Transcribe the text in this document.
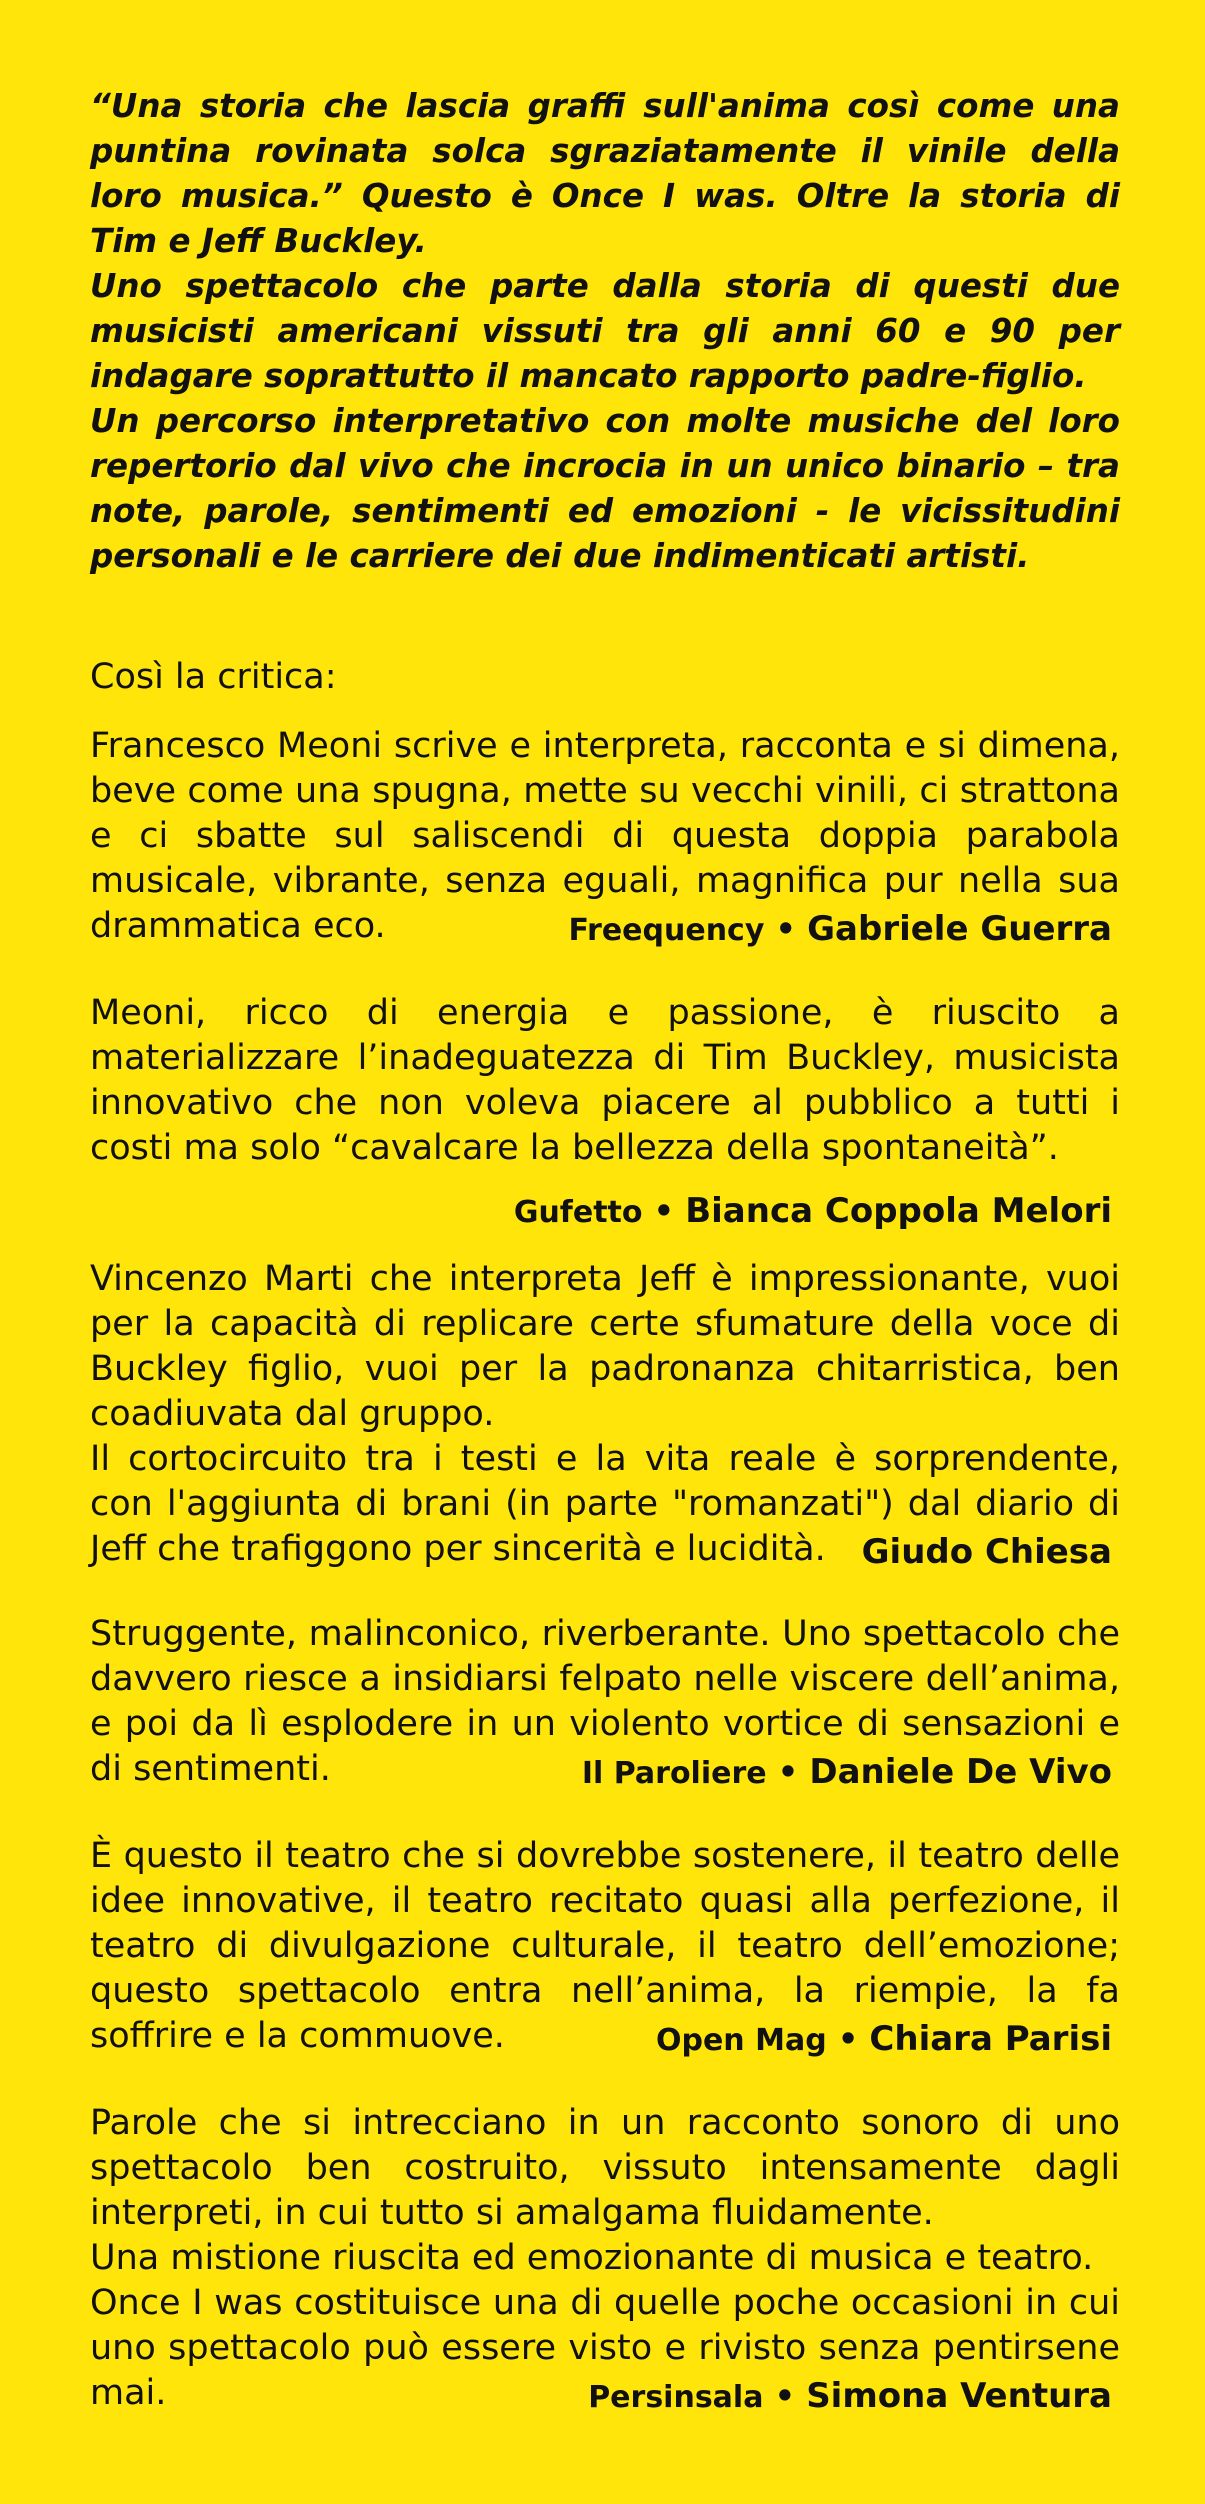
“Una storia che lascia graffi sull'anima così come una puntina rovinata solca sgraziatamente il vinile della loro musica.” Questo è Once I was. Oltre la storia di Tim e Jeff Buckley.

Uno spettacolo che parte dalla storia di questi due musicisti americani vissuti tra gli anni 60 e 90 per indagare soprattutto il mancato rapporto padre-figlio.

Un percorso interpretativo con molte musiche del loro repertorio dal vivo che incrocia in un unico binario – tra note, parole, sentimenti ed emozioni - le vicissitudini personali e le carriere dei due indimenticati artisti.

Così la critica:

Francesco Meoni scrive e interpreta, racconta e si dimena, beve come una spugna, mette su vecchi vinili, ci strattona e ci sbatte sul saliscendi di questa doppia parabola musicale, vibrante, senza eguali, magnifica pur nella sua drammatica eco.	Freequency • Gabriele Guerra

Meoni, ricco di energia e passione, è riuscito a materializzare l’inadeguatezza di Tim Buckley, musicista innovativo che non voleva piacere al pubblico a tutti i costi ma solo “cavalcare la bellezza della spontaneità”.

Gufetto • Bianca Coppola Melori

Vincenzo Marti che interpreta Jeff è impressionante, vuoi per la capacità di replicare certe sfumature della voce di Buckley figlio, vuoi per la padronanza chitarristica, ben coadiuvata dal gruppo.

Il cortocircuito tra i testi e la vita reale è sorprendente, con l'aggiunta di brani (in parte "romanzati") dal diario di Jeff che trafiggono per sincerità e lucidità.	Giudo Chiesa

Struggente, malinconico, riverberante. Uno spettacolo che davvero riesce a insidiarsi felpato nelle viscere dell’anima, e poi da lì esplodere in un violento vortice di sensazioni e di sentimenti.	Il Paroliere • Daniele De Vivo

È questo il teatro che si dovrebbe sostenere, il teatro delle idee innovative, il teatro recitato quasi alla perfezione, il teatro di divulgazione culturale, il teatro dell’emozione; questo spettacolo entra nell’anima, la riempie, la fa soffrire e la commuove.	Open Mag • Chiara Parisi

Parole che si intrecciano in un racconto sonoro di uno spettacolo ben costruito, vissuto intensamente dagli interpreti, in cui tutto si amalgama fluidamente.

Una mistione riuscita ed emozionante di musica e teatro.

Once I was costituisce una di quelle poche occasioni in cui uno spettacolo può essere visto e rivisto senza pentirsene mai.	Persinsala • Simona Ventura
